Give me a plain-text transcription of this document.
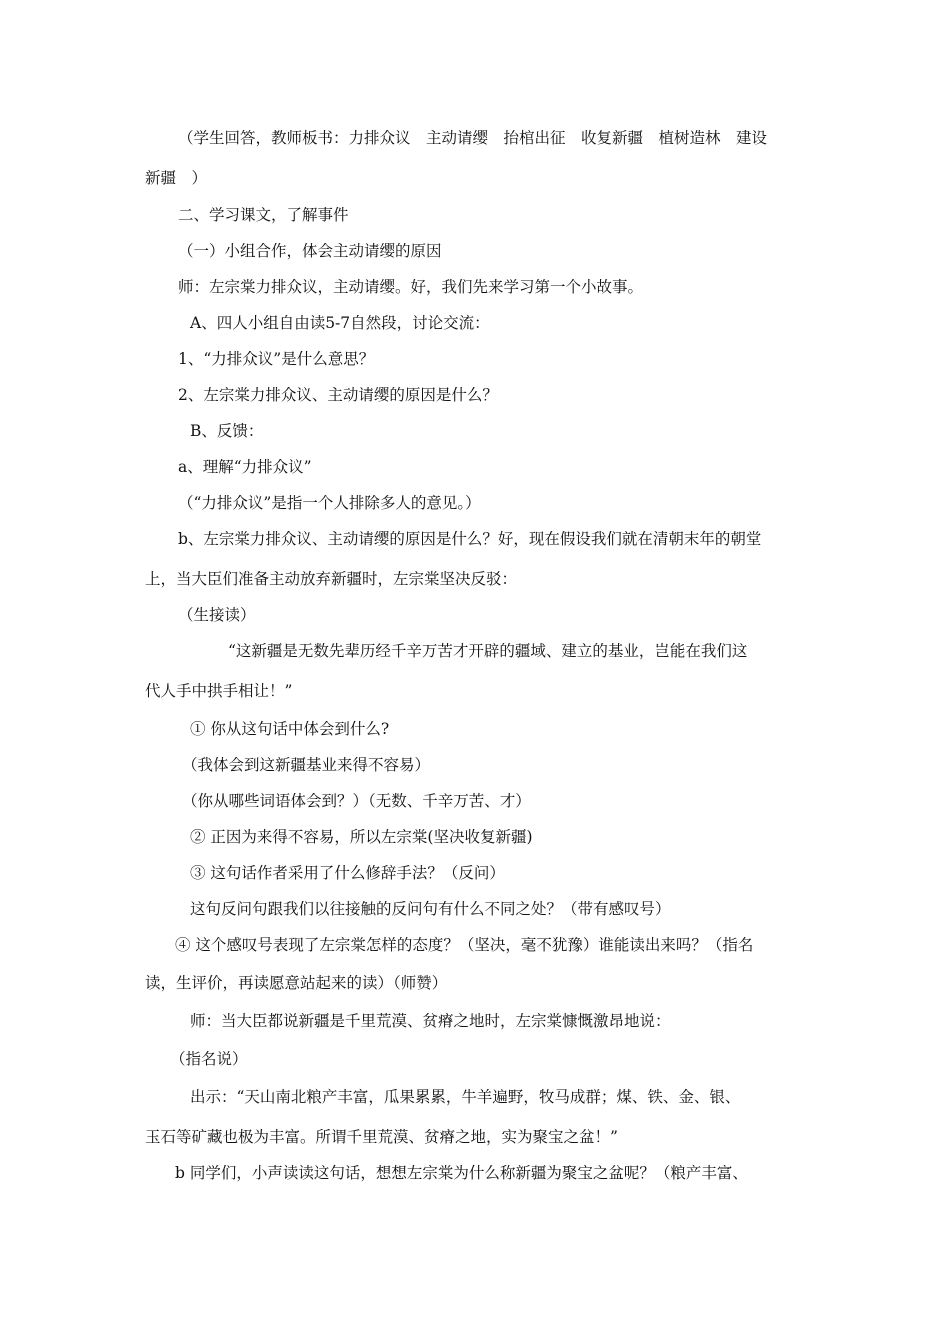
（学生回答，教师板书：力排众议　主动请缨　抬棺出征　收复新疆　植树造林　建设
新疆　）
二、学习课文，了解事件
（一）小组合作，体会主动请缨的原因
师：左宗棠力排众议，主动请缨。好，我们先来学习第一个小故事。
A、四人小组自由读5-7自然段，讨论交流：
1、“力排众议”是什么意思？
2、左宗棠力排众议、主动请缨的原因是什么？
B、反馈：
a、理解“力排众议”
（“力排众议”是指一个人排除多人的意见。）
b、左宗棠力排众议、主动请缨的原因是什么？好，现在假设我们就在清朝末年的朝堂
上，当大臣们准备主动放弃新疆时，左宗棠坚决反驳：
（生接读）
“这新疆是无数先辈历经千辛万苦才开辟的疆域、建立的基业，岂能在我们这
代人手中拱手相让！”
① 你从这句话中体会到什么?
（我体会到这新疆基业来得不容易）
（你从哪些词语体会到？）（无数、千辛万苦、才）
② 正因为来得不容易，所以左宗棠(坚决收复新疆)
③ 这句话作者采用了什么修辞手法？（反问）
这句反问句跟我们以往接触的反问句有什么不同之处？（带有感叹号）
④ 这个感叹号表现了左宗棠怎样的态度？（坚决，毫不犹豫）谁能读出来吗？（指名
读，生评价，再读愿意站起来的读）（师赞）
师：当大臣都说新疆是千里荒漠、贫瘠之地时，左宗棠慷慨激昂地说：
（指名说）
出示：“天山南北粮产丰富，瓜果累累，牛羊遍野，牧马成群；煤、铁、金、银、
玉石等矿藏也极为丰富。所谓千里荒漠、贫瘠之地，实为聚宝之盆！”
b 同学们，小声读读这句话，想想左宗棠为什么称新疆为聚宝之盆呢？（粮产丰富、
